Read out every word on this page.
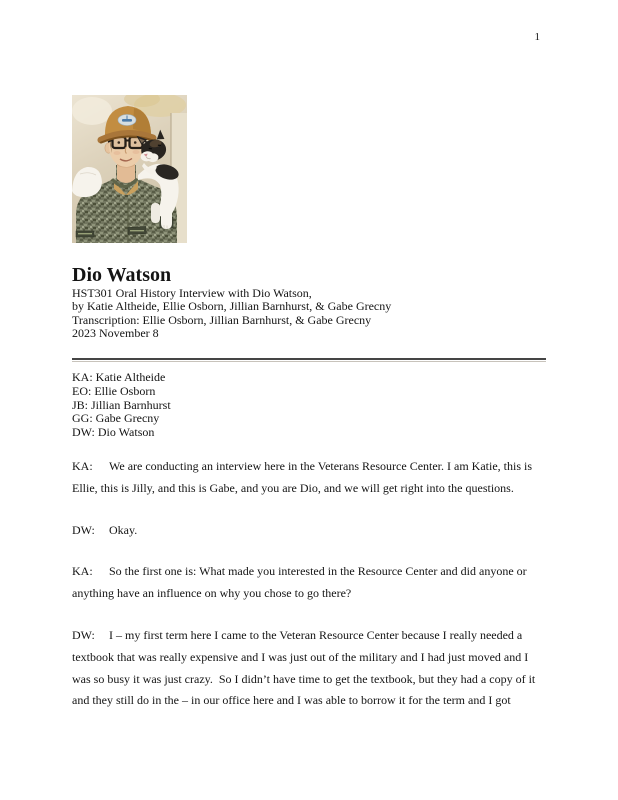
1
Dio Watson
HST301 Oral History Interview with Dio Watson,
by Katie Altheide, Ellie Osborn, Jillian Barnhurst, & Gabe Grecny
Transcription: Ellie Osborn, Jillian Barnhurst, & Gabe Grecny
2023 November 8
KA: Katie Altheide
EO: Ellie Osborn
JB: Jillian Barnhurst
GG: Gabe Grecny
DW: Dio Watson

KA: We are conducting an interview here in the Veterans Resource Center. I am Katie, this is Ellie, this is Jilly, and this is Gabe, and you are Dio, and we will get right into the questions.

DW: Okay.

KA: So the first one is: What made you interested in the Resource Center and did anyone or anything have an influence on why you chose to go there?

DW: I – my first term here I came to the Veteran Resource Center because I really needed a textbook that was really expensive and I was just out of the military and I had just moved and I was so busy it was just crazy.  So I didn’t have time to get the textbook, but they had a copy of it and they still do in the – in our office here and I was able to borrow it for the term and I got
